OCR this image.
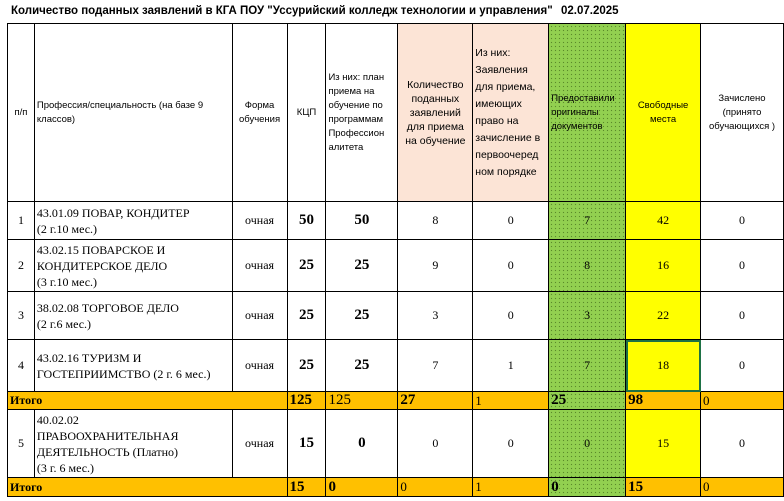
Количество поданных заявлений в КГА ПОУ "Уссурийский колледж технологии и управления" 02.07.2025
п/п	Профессия/специальность (на базе 9 классов)	Форма обучения	КЦП	Из них: план приема на обучение по программам Профессион алитета	Количество поданных заявлений для приема на обучение	Из них: Заявления для приема, имеющих право на зачисление в первоочеред ном порядке	Предоставили оригиналы документов	Свободные места	Зачислено (принято обучающихся )
1	43.01.09 ПОВАР, КОНДИТЕР
(2 г.10 мес.)	очная	50	50	8	0	7	42	0
2	43.02.15 ПОВАРСКОЕ И
КОНДИТЕРСКОЕ ДЕЛО
(3 г.10 мес.)	очная	25	25	9	0	8	16	0
3	38.02.08 ТОРГОВОЕ ДЕЛО
(2 г.6 мес.)	очная	25	25	3	0	3	22	0
4	43.02.16 ТУРИЗМ И
ГОСТЕПРИИМСТВО (2 г. 6 мес.)	очная	25	25	7	1	7	18	0
Итого			125	125	27	1	25	98	0
5	40.02.02
ПРАВООХРАНИТЕЛЬНАЯ
ДЕЯТЕЛЬНОСТЬ (Платно)
(3 г. 6 мес.)	очная	15	0	0	0	0	15	0
Итого			15	0	0	1	0	15	0
